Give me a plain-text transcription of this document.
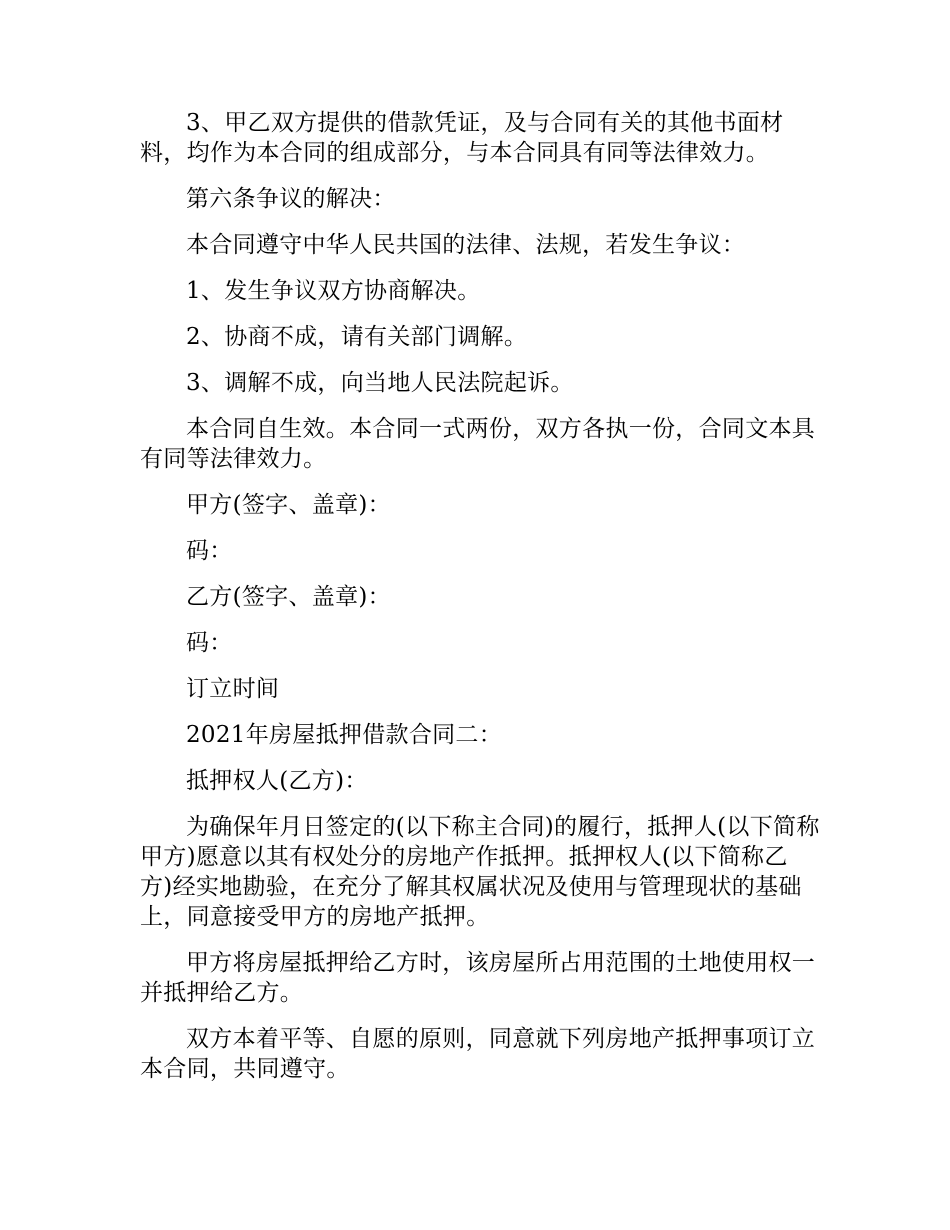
3、甲乙双方提供的借款凭证，及与合同有关的其他书面材料，均作为本合同的组成部分，与本合同具有同等法律效力。

第六条争议的解决：

本合同遵守中华人民共国的法律、法规，若发生争议：

1、发生争议双方协商解决。

2、协商不成，请有关部门调解。

3、调解不成，向当地人民法院起诉。

本合同自生效。本合同一式两份，双方各执一份，合同文本具有同等法律效力。

甲方(签字、盖章)：

码：

乙方(签字、盖章)：

码：

订立时间

2021年房屋抵押借款合同二：

抵押权人(乙方)：

为确保年月日签定的(以下称主合同)的履行，抵押人(以下简称甲方)愿意以其有权处分的房地产作抵押。抵押权人(以下简称乙方)经实地勘验，在充分了解其权属状况及使用与管理现状的基础上，同意接受甲方的房地产抵押。

甲方将房屋抵押给乙方时，该房屋所占用范围的土地使用权一并抵押给乙方。

双方本着平等、自愿的原则，同意就下列房地产抵押事项订立本合同，共同遵守。
